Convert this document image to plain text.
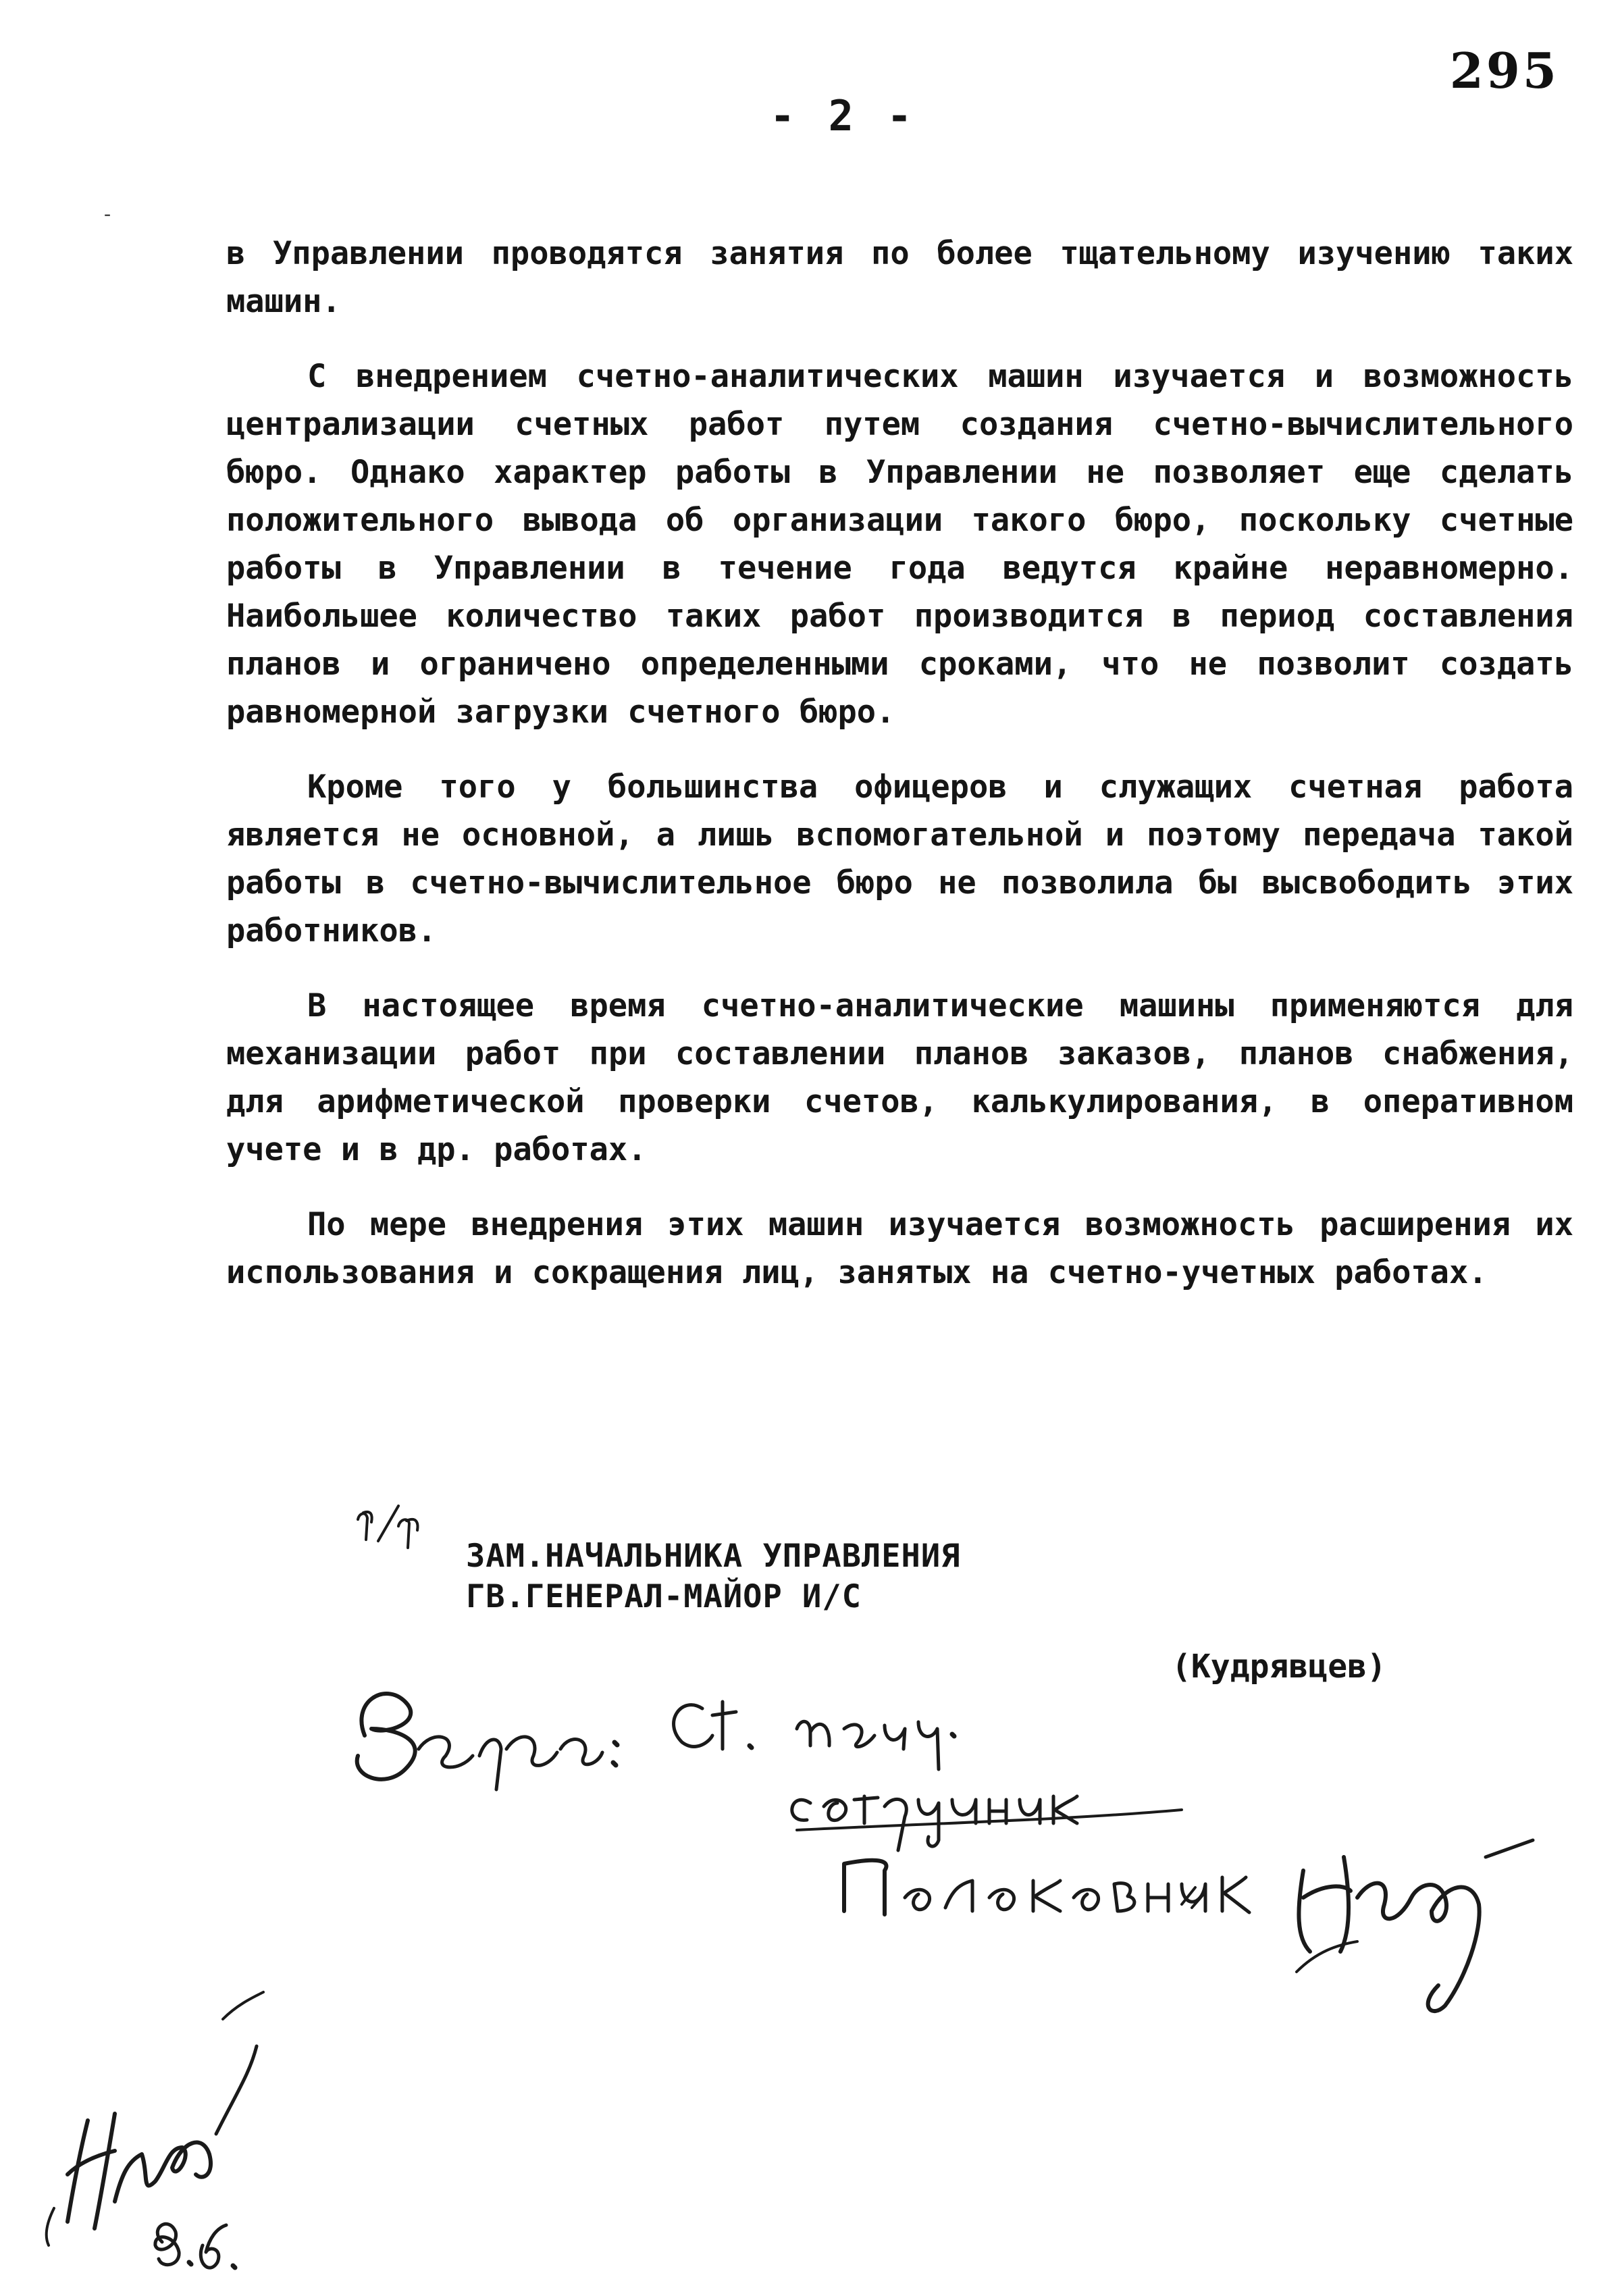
295
- 2 -
-

в Управлении проводятся занятия по более тщательному изучению таких машин.

С внедрением счетно-аналитических машин изучается и возможность централизации счетных работ путем создания счетно-вычислительного бюро. Однако характер работы в Управлении не позволяет еще сделать положительного вывода об организации такого бюро, поскольку счетные работы в Управлении в течение года ведутся крайне неравномерно. Наибольшее количество таких работ производится в период составления планов и ограничено определенными сроками, что не позволит создать равномерной загрузки счетного бюро.

Кроме того у большинства офицеров и служащих счетная работа является не основной, а лишь вспомогательной и поэтому передача такой работы в счетно-вычислительное бюро не позволила бы высвободить этих работников.

В настоящее время счетно-аналитические машины применяются для механизации работ при составлении планов заказов, планов снабжения, для арифметической проверки счетов, калькулирования, в оперативном учете и в др. работах.

По мере внедрения этих машин изучается возможность расширения их использования и сокращения лиц, занятых на счетно-учетных работах.

ЗАМ.НАЧАЛЬНИКА УПРАВЛЕНИЯ
ГВ.ГЕНЕРАЛ-МАЙОР И/С
(Кудрявцев)
